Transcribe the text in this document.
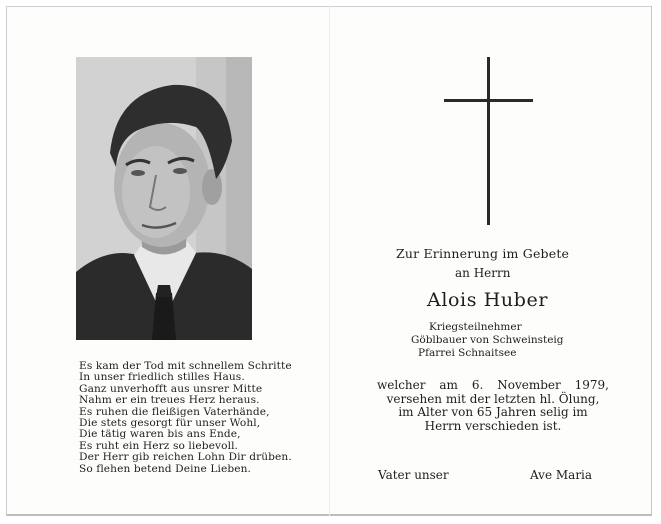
Es kam der Tod mit schnellem Schritte
In unser friedlich stilles Haus.
Ganz unverhofft aus unsrer Mitte
Nahm er ein treues Herz heraus.
Es ruhen die fleißigen Vaterhände,
Die stets gesorgt für unser Wohl,
Die tätig waren bis ans Ende,
Es ruht ein Herz so liebevoll.
Der Herr gib reichen Lohn Dir drüben.
So flehen betend Deine Lieben.
Zur Erinnerung im Gebete
an Herrn
Alois Huber
Kriegsteilnehmer
Göblbauer von Schweinsteig
Pfarrei Schnaitsee
welcher am 6. November 1979,
versehen mit der letzten hl. Ölung,
im Alter von 65 Jahren selig im
Herrn verschieden ist.
Vater unser	Ave Maria
